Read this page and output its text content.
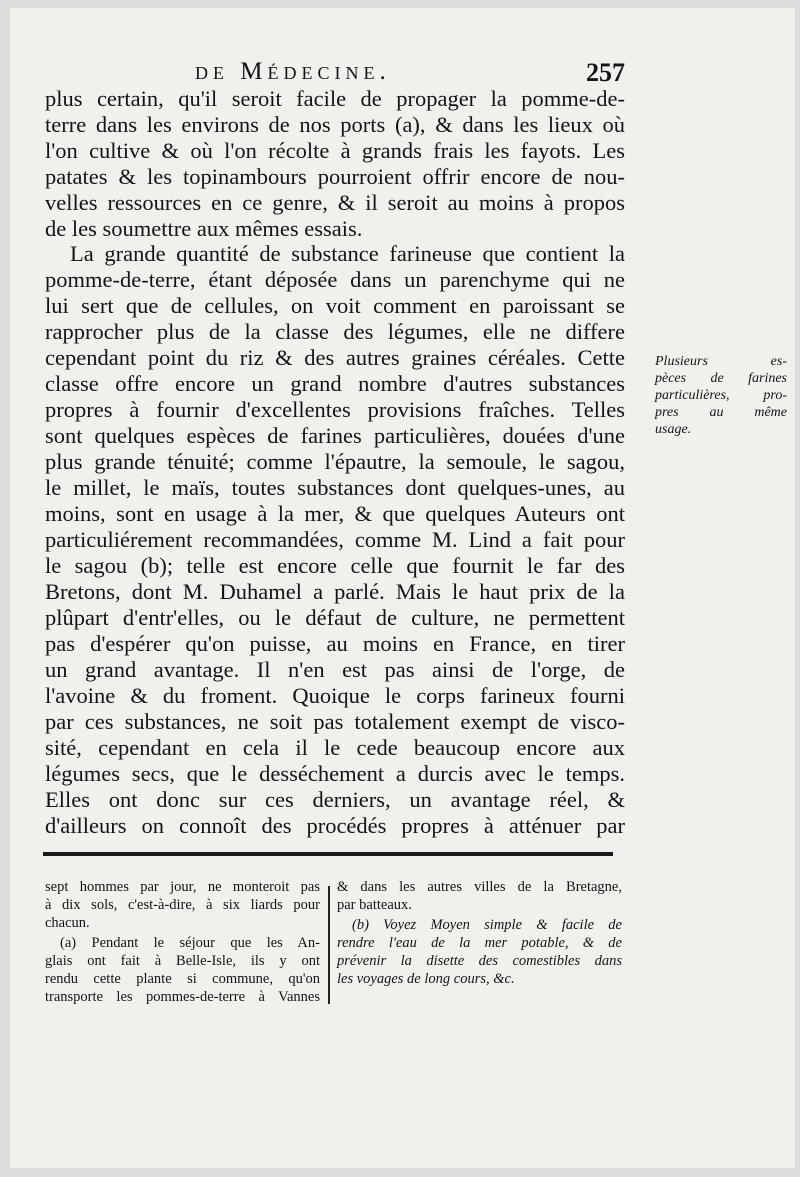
de Médecine.	257

plus certain, qu'il seroit facile de propager la pomme-de-

terre dans les environs de nos ports (a), & dans les lieux où

l'on cultive & où l'on récolte à grands frais les fayots. Les

patates & les topinambours pourroient offrir encore de nou-

velles ressources en ce genre, & il seroit au moins à propos

de les soumettre aux mêmes essais.

La grande quantité de substance farineuse que contient la

pomme-de-terre, étant déposée dans un parenchyme qui ne

lui sert que de cellules, on voit comment en paroissant se

rapprocher plus de la classe des légumes, elle ne differe

cependant point du riz & des autres graines céréales. Cette

classe offre encore un grand nombre d'autres substances

propres à fournir d'excellentes provisions fraîches. Telles

sont quelques espèces de farines particulières, douées d'une

plus grande ténuité; comme l'épautre, la semoule, le sagou,

le millet, le maïs, toutes substances dont quelques-unes, au

moins, sont en usage à la mer, & que quelques Auteurs ont

particuliérement recommandées, comme M. Lind a fait pour

le sagou (b); telle est encore celle que fournit le far des

Bretons, dont M. Duhamel a parlé. Mais le haut prix de la

plûpart d'entr'elles, ou le défaut de culture, ne permettent

pas d'espérer qu'on puisse, au moins en France, en tirer

un grand avantage. Il n'en est pas ainsi de l'orge, de

l'avoine & du froment. Quoique le corps farineux fourni

par ces substances, ne soit pas totalement exempt de visco-

sité, cependant en cela il le cede beaucoup encore aux

légumes secs, que le desséchement a durcis avec le temps.

Elles ont donc sur ces derniers, un avantage réel, &

d'ailleurs on connoît des procédés propres à atténuer par

Plusieurs es-

pèces de farines

particulières, pro-

pres au même

usage.

sept hommes par jour, ne monteroit pas

à dix sols, c'est-à-dire, à six liards pour

chacun.

(a) Pendant le séjour que les An-

glais ont fait à Belle-Isle, ils y ont

rendu cette plante si commune, qu'on

transporte les pommes-de-terre à Vannes

& dans les autres villes de la Bretagne,

par batteaux.

(b) Voyez Moyen simple & facile de

rendre l'eau de la mer potable, & de

prévenir la disette des comestibles dans

les voyages de long cours, &c.
